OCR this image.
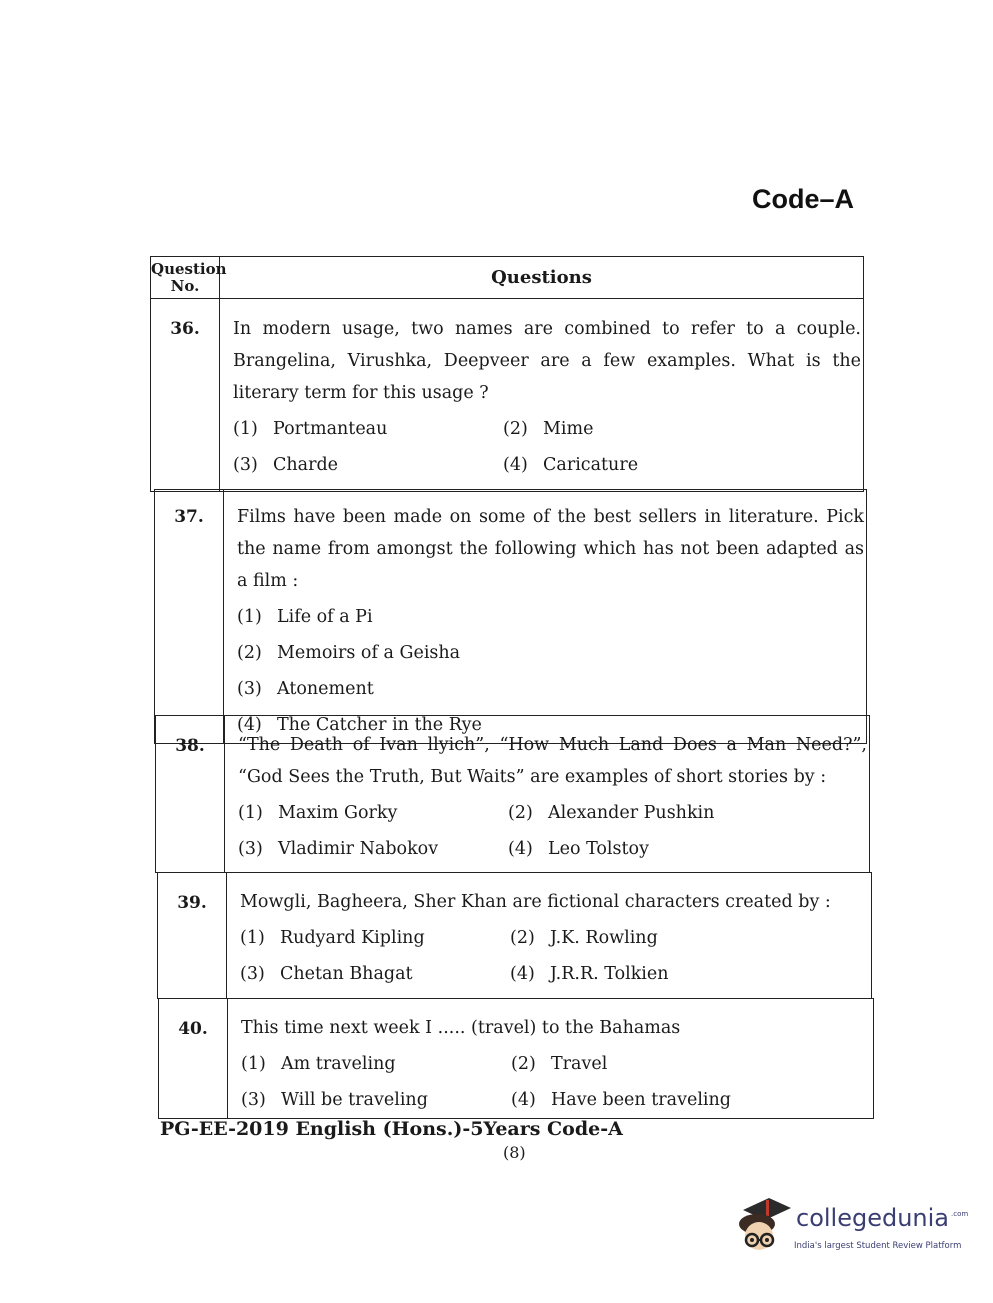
Code–A
Question
No.	Questions
36.	In modern usage, two names are combined to refer to a couple. Brangelina, Virushka, Deepveer are a few examples. What is the literary term for this usage ?
(1) Portmanteau (2) Mime
(3) Charde (4) Caricature
37.	Films have been made on some of the best sellers in literature. Pick the name from amongst the following which has not been adapted as a film :
(1) Life of a Pi
(2) Memoirs of a Geisha
(3) Atonement
(4) The Catcher in the Rye
38.	“The Death of Ivan llyich”, “How Much Land Does a Man Need?”, “God Sees the Truth, But Waits” are examples of short stories by :
(1) Maxim Gorky	(2) Alexander Pushkin
(3) Vladimir Nabokov	(4) Leo Tolstoy
39.	Mowgli, Bagheera, Sher Khan are fictional characters created by :
(1) Rudyard Kipling	(2) J.K. Rowling
(3) Chetan Bhagat	(4) J.R.R. Tolkien
40.	This time next week I ..... (travel) to the Bahamas
(1) Am traveling	(2) Travel
(3) Will be traveling	(4) Have been traveling
PG-EE-2019 English (Hons.)-5Years Code-A
(8)
collegedunia .com
India's largest Student Review Platform
